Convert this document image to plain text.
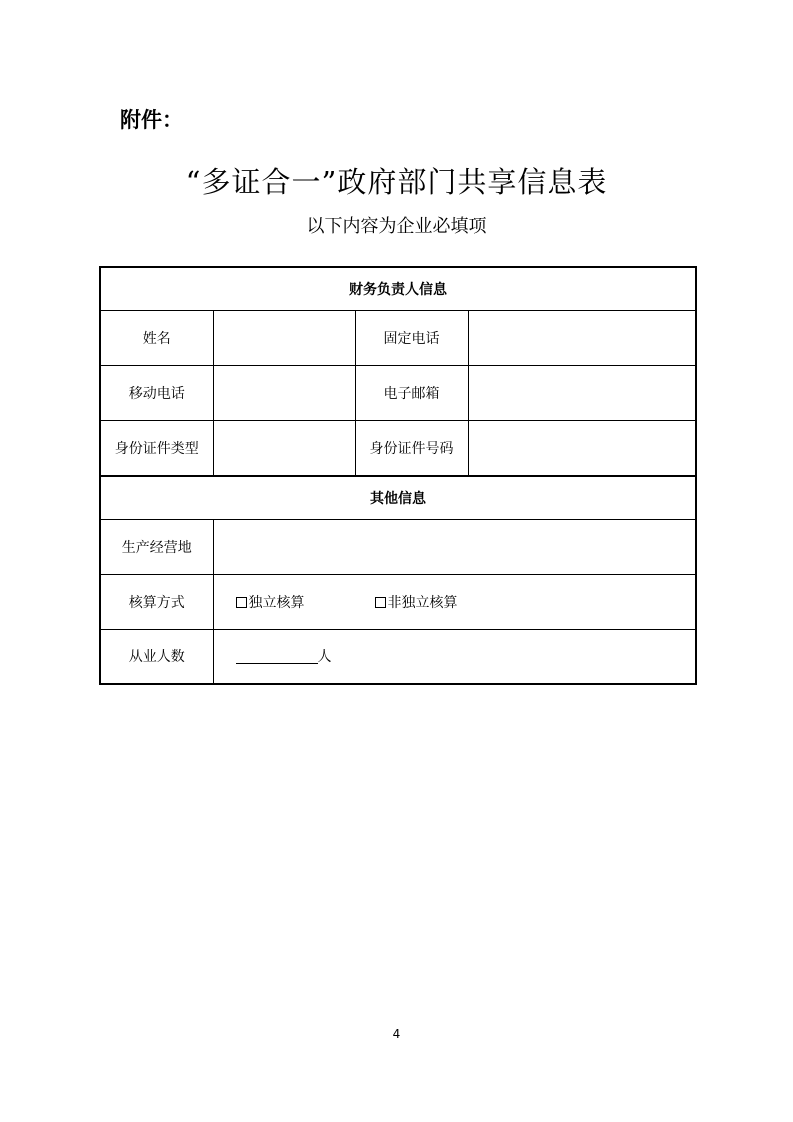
附件：
“多证合一”政府部门共享信息表
以下内容为企业必填项
财务负责人信息			
姓名		固定电话	
移动电话		电子邮箱	
身份证件类型		身份证件号码	
其他信息			
生产经营地			
核算方式	独立核算 非独立核算		
从业人数	人		
4
